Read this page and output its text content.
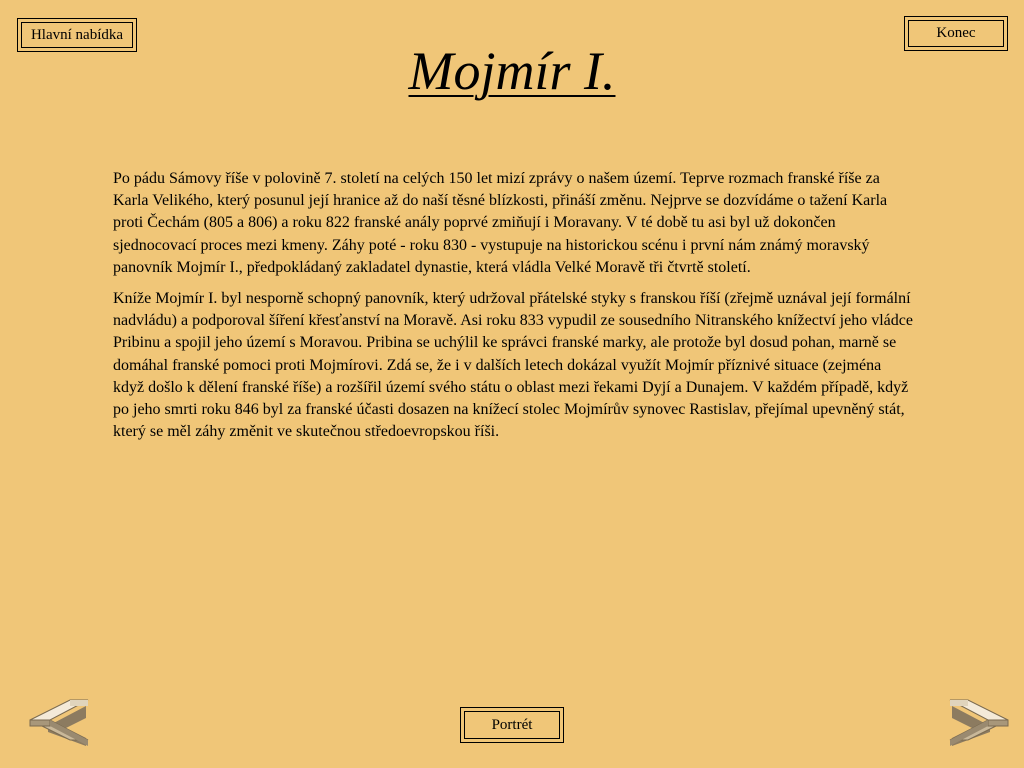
Hlavní nabídka	Konec
Mojmír I.

Po pádu Sámovy říše v polovině 7. století na celých 150 let mizí zprávy o našem území. Teprve rozmach franské říše za Karla Velikého, který posunul její hranice až do naší těsné blízkosti, přináší změnu. Nejprve se dozvídáme o tažení Karla proti Čechám (805 a 806) a roku 822 franské anály poprvé zmiňují i Moravany. V té době tu asi byl už dokončen sjednocovací proces mezi kmeny. Záhy poté - roku 830 - vystupuje na historickou scénu i první nám známý moravský panovník Mojmír I., předpokládaný zakladatel dynastie, která vládla Velké Moravě tři čtvrtě století.

Kníže Mojmír I. byl nesporně schopný panovník, který udržoval přátelské styky s franskou říší (zřejmě uznával její formální nadvládu) a podporoval šíření křesťanství na Moravě. Asi roku 833 vypudil ze sousedního Nitranského knížectví jeho vládce Pribinu a spojil jeho území s Moravou. Pribina se uchýlil ke správci franské marky, ale protože byl dosud pohan, marně se domáhal franské pomoci proti Mojmírovi. Zdá se, že i v dalších letech dokázal využít Mojmír příznivé situace (zejména když došlo k dělení franské říše) a rozšířil území svého státu o oblast mezi řekami Dyjí a Dunajem. V každém případě, když po jeho smrti roku 846 byl za franské účasti dosazen na knížecí stolec Mojmírův synovec Rastislav, přejímal upevněný stát, který se měl záhy změnit ve skutečnou středoevropskou říši.

Portrét
